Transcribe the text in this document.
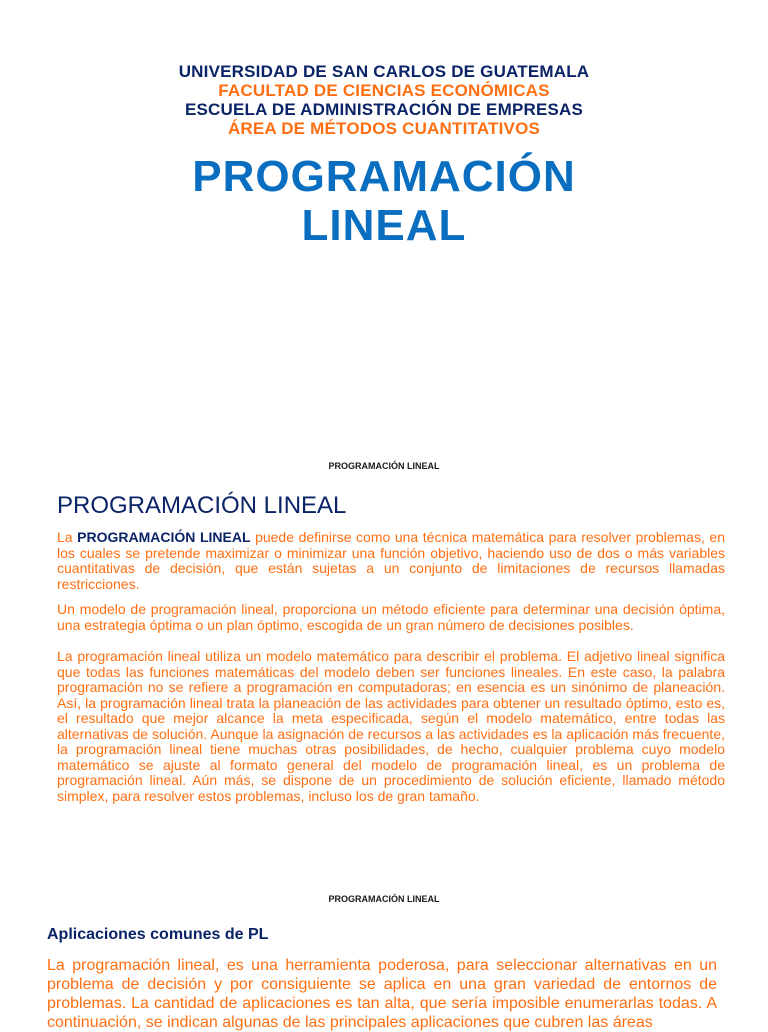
UNIVERSIDAD DE SAN CARLOS DE GUATEMALA
FACULTAD DE CIENCIAS ECONÓMICAS
ESCUELA DE ADMINISTRACIÓN DE EMPRESAS
ÁREA DE MÉTODOS CUANTITATIVOS
PROGRAMACIÓN
LINEAL
PROGRAMACIÓN LINEAL
PROGRAMACIÓN LINEAL
La PROGRAMACIÓN LINEAL puede definirse como una técnica matemática para resolver problemas, en los cuales se pretende maximizar o minimizar una función objetivo, haciendo uso de dos o más variables cuantitativas de decisión, que están sujetas a un conjunto de limitaciones de recursos llamadas restricciones.
Un modelo de programación lineal, proporciona un método eficiente para determinar una decisión óptima, una estrategia óptima o un plan óptimo, escogida de un gran número de decisiones posibles.
La programación lineal utiliza un modelo matemático para describir el problema. El adjetivo lineal significa que todas las funciones matemáticas del modelo deben ser funciones lineales. En este caso, la palabra programación no se refiere a programación en computadoras; en esencia es un sinónimo de planeación. Así, la programación lineal trata la planeación de las actividades para obtener un resultado óptimo, esto es, el resultado que mejor alcance la meta especificada, según el modelo matemático, entre todas las alternativas de solución. Aunque la asignación de recursos a las actividades es la aplicación más frecuente, la programación lineal tiene muchas otras posibilidades, de hecho, cualquier problema cuyo modelo matemático se ajuste al formato general del modelo de programación lineal, es un problema de programación lineal. Aún más, se dispone de un procedimiento de solución eficiente, llamado método simplex, para resolver estos problemas, incluso los de gran tamaño.
PROGRAMACIÓN LINEAL
Aplicaciones comunes de PL
La programación lineal, es una herramienta poderosa, para seleccionar alternativas en un problema de decisión y por consiguiente se aplica en una gran variedad de entornos de problemas. La cantidad de aplicaciones es tan alta, que sería imposible enumerarlas todas. A continuación, se indican algunas de las principales aplicaciones que cubren las áreas
